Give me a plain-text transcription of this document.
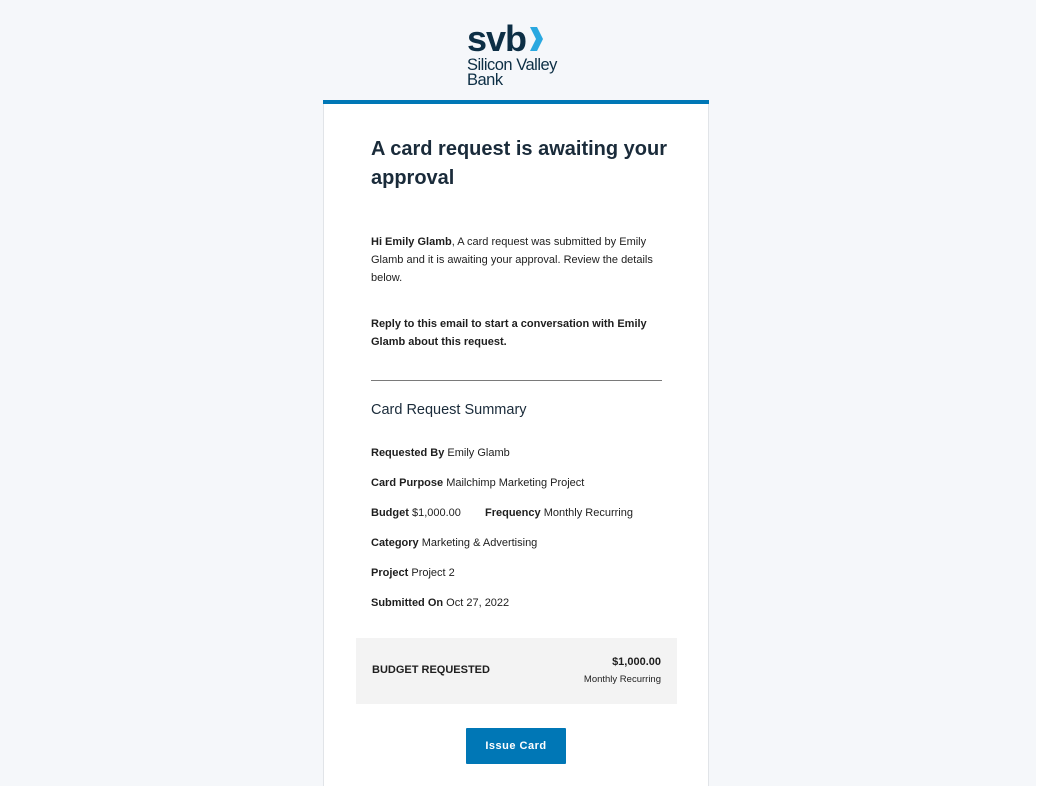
svb
Silicon Valley
Bank
A card request is awaiting your approval
Hi Emily Glamb, A card request was submitted by Emily Glamb and it is awaiting your approval. Review the details below.
Reply to this email to start a conversation with Emily Glamb about this request.
Card Request Summary
Requested By Emily Glamb
Card Purpose Mailchimp Marketing Project
Budget $1,000.00 Frequency Monthly Recurring
Category Marketing & Advertising
Project Project 2
Submitted On Oct 27, 2022
BUDGET REQUESTED
$1,000.00
Monthly Recurring
Issue Card
